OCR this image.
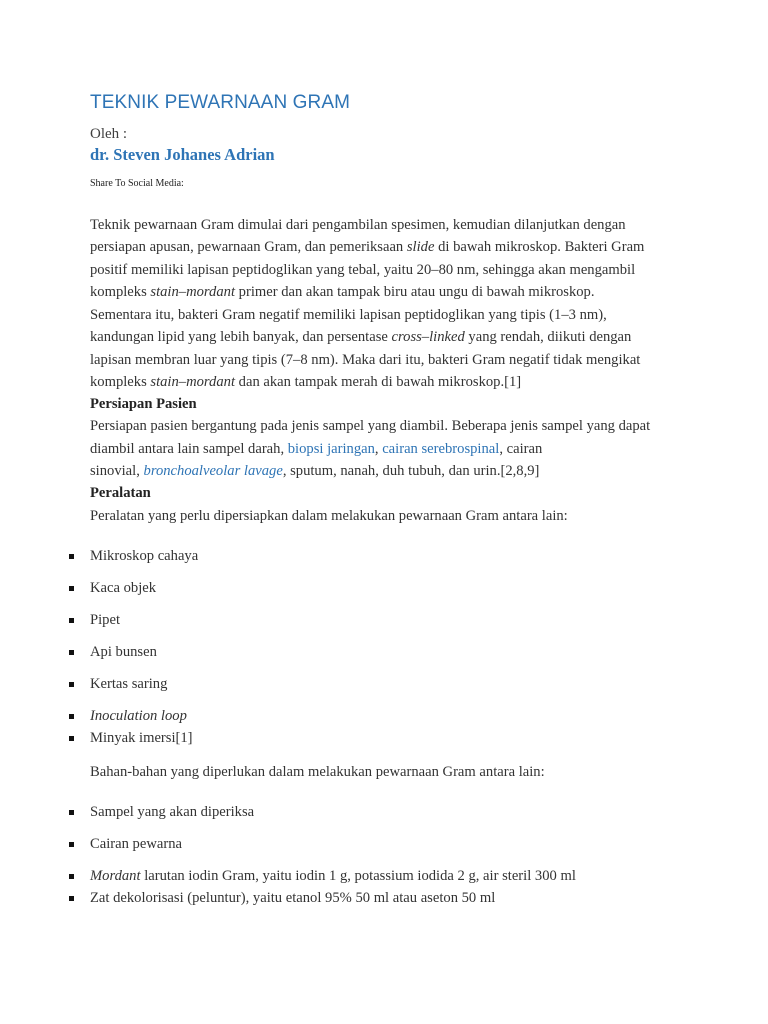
TEKNIK PEWARNAAN GRAM
Oleh :
dr. Steven Johanes Adrian
Share To Social Media:

Teknik pewarnaan Gram dimulai dari pengambilan spesimen, kemudian dilanjutkan dengan

persiapan apusan, pewarnaan Gram, dan pemeriksaan slide di bawah mikroskop. Bakteri Gram

positif memiliki lapisan peptidoglikan yang tebal, yaitu 20–80 nm, sehingga akan mengambil

kompleks stain–mordant primer dan akan tampak biru atau ungu di bawah mikroskop.

Sementara itu, bakteri Gram negatif memiliki lapisan peptidoglikan yang tipis (1–3 nm),

kandungan lipid yang lebih banyak, dan persentase cross–linked yang rendah, diikuti dengan

lapisan membran luar yang tipis (7–8 nm). Maka dari itu, bakteri Gram negatif tidak mengikat

kompleks stain–mordant dan akan tampak merah di bawah mikroskop.[1]

Persiapan Pasien

Persiapan pasien bergantung pada jenis sampel yang diambil. Beberapa jenis sampel yang dapat

diambil antara lain sampel darah, biopsi jaringan, cairan serebrospinal, cairan

sinovial, bronchoalveolar lavage, sputum, nanah, duh tubuh, dan urin.[2,8,9]

Peralatan

Peralatan yang perlu dipersiapkan dalam melakukan pewarnaan Gram antara lain:

Mikroskop cahaya
Kaca objek
Pipet
Api bunsen
Kertas saring
Inoculation loop
Minyak imersi[1]

Bahan-bahan yang diperlukan dalam melakukan pewarnaan Gram antara lain:

Sampel yang akan diperiksa
Cairan pewarna
Mordant larutan iodin Gram, yaitu iodin 1 g, potassium iodida 2 g, air steril 300 ml
Zat dekolorisasi (peluntur), yaitu etanol 95% 50 ml atau aseton 50 ml
